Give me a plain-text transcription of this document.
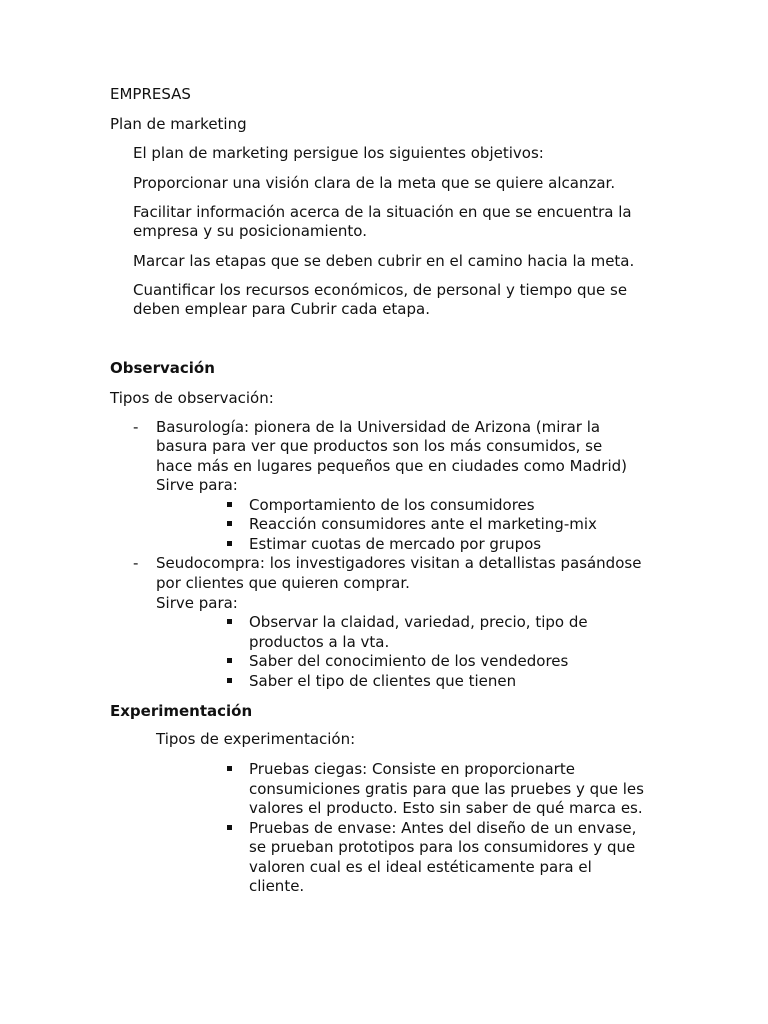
EMPRESAS
Plan de marketing
El plan de marketing persigue los siguientes objetivos:
Proporcionar una visión clara de la meta que se quiere alcanzar.
Facilitar información acerca de la situación en que se encuentra la
empresa y su posicionamiento.
Marcar las etapas que se deben cubrir en el camino hacia la meta.
Cuantificar los recursos económicos, de personal y tiempo que se
deben emplear para Cubrir cada etapa.
Observación
Tipos de observación:
- Basurología: pionera de la Universidad de Arizona (mirar la
basura para ver que productos son los más consumidos, se
hace más en lugares pequeños que en ciudades como Madrid)
Sirve para:
Comportamiento de los consumidores
Reacción consumidores ante el marketing-mix
Estimar cuotas de mercado por grupos
- Seudocompra: los investigadores visitan a detallistas pasándose
por clientes que quieren comprar.
Sirve para:
Observar la claidad, variedad, precio, tipo de
productos a la vta.
Saber del conocimiento de los vendedores
Saber el tipo de clientes que tienen
Experimentación
Tipos de experimentación:
Pruebas ciegas: Consiste en proporcionarte
consumiciones gratis para que las pruebes y que les
valores el producto. Esto sin saber de qué marca es.
Pruebas de envase: Antes del diseño de un envase,
se prueban prototipos para los consumidores y que
valoren cual es el ideal estéticamente para el
cliente.
